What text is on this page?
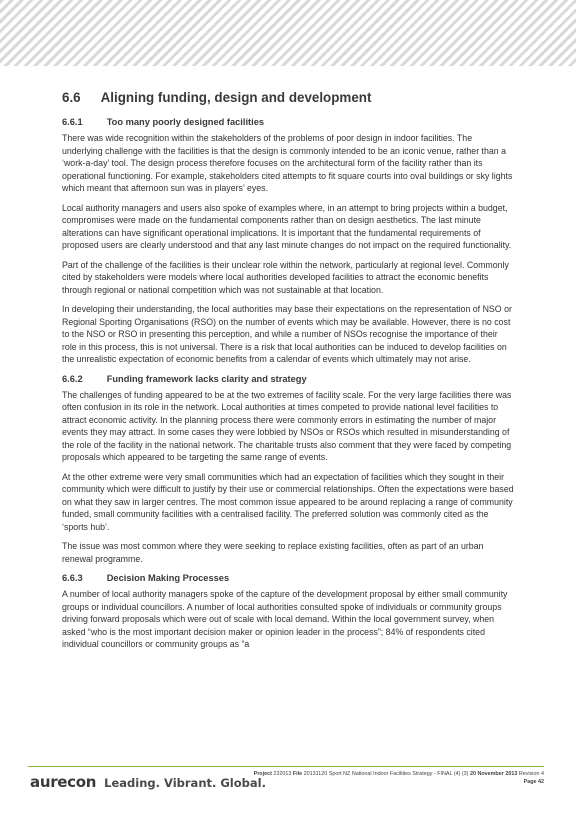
6.6 Aligning funding, design and development
6.6.1	Too many poorly designed facilities

There was wide recognition within the stakeholders of the problems of poor design in indoor facilities. The underlying challenge with the facilities is that the design is commonly intended to be an iconic venue, rather than a ‘work-a-day’ tool. The design process therefore focuses on the architectural form of the facility rather than its operational functioning. For example, stakeholders cited attempts to fit square courts into oval buildings or sky lights which meant that afternoon sun was in players’ eyes.

Local authority managers and users also spoke of examples where, in an attempt to bring projects within a budget, compromises were made on the fundamental components rather than on design aesthetics. The last minute alterations can have significant operational implications. It is important that the fundamental requirements of proposed users are clearly understood and that any last minute changes do not impact on the required functionality.

Part of the challenge of the facilities is their unclear role within the network, particularly at regional level. Commonly cited by stakeholders were models where local authorities developed facilities to attract the economic benefits through regional or national competition which was not sustainable at that location.

In developing their understanding, the local authorities may base their expectations on the representation of NSO or Regional Sporting Organisations (RSO) on the number of events which may be available. However, there is no cost to the NSO or RSO in presenting this perception, and while a number of NSOs recognise the importance of their role in this process, this is not universal. There is a risk that local authorities can be induced to develop facilities on the unrealistic expectation of economic benefits from a calendar of events which ultimately may not arise.

6.6.2	Funding framework lacks clarity and strategy

The challenges of funding appeared to be at the two extremes of facility scale. For the very large facilities there was often confusion in its role in the network. Local authorities at times competed to provide national level facilities to attract economic activity. In the planning process there were commonly errors in estimating the number of major events they may attract. In some cases they were lobbied by NSOs or RSOs which resulted in misunderstanding of the role of the facility in the national network. The charitable trusts also comment that they were faced by competing proposals which appeared to be targeting the same range of events.

At the other extreme were very small communities which had an expectation of facilities which they sought in their community which were difficult to justify by their use or commercial relationships. Often the expectations were based on what they saw in larger centres. The most common issue appeared to be around replacing a range of community funded, small community facilities with a centralised facility. The preferred solution was commonly cited as the ‘sports hub’.

The issue was most common where they were seeking to replace existing facilities, often as part of an urban renewal programme.

6.6.3	Decision Making Processes

A number of local authority managers spoke of the capture of the development proposal by either small community groups or individual councillors. A number of local authorities consulted spoke of individuals or community groups driving forward proposals which were out of scale with local demand. Within the local government survey, when asked “who is the most important decision maker or opinion leader in the process”; 84% of respondents cited individual councillors or community groups as “a

aurecon Leading. Vibrant. Global.
Project 232013 File 20131120 Sport NZ National Indoor Facilities Strategy - FINAL (4) (3) 20 November 2013 Revision 4
Page 42
